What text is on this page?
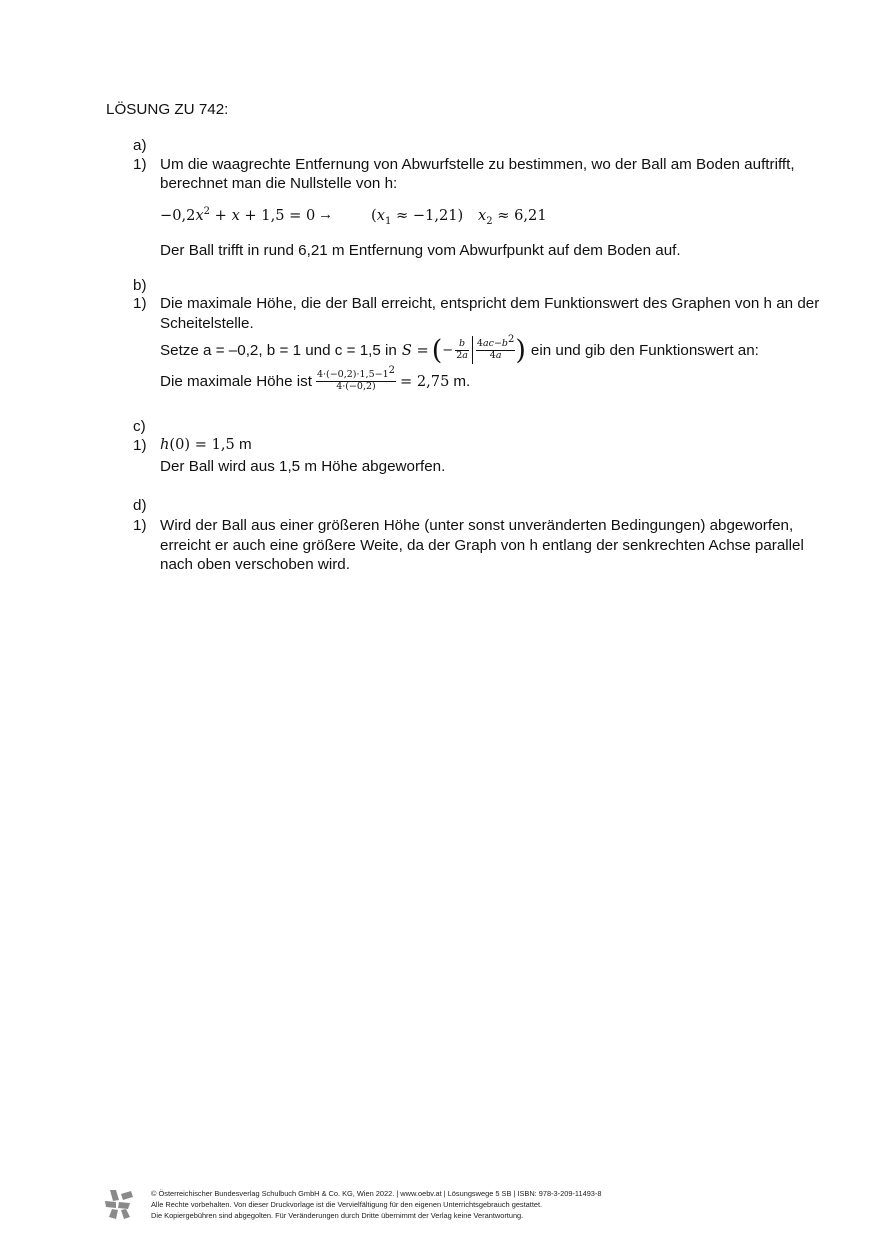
LÖSUNG ZU 742:
a)
1) Um die waagrechte Entfernung von Abwurfstelle zu bestimmen, wo der Ball am Boden auftrifft,
berechnet man die Nullstelle von h:
$-0,2x^2 + x + 1,5 = 0$ →	$(x_1 \approx -1,21) x_2 \approx 6,21$
Der Ball trifft in rund 6,21 m Entfernung vom Abwurfpunkt auf dem Boden auf.
b)
1) Die maximale Höhe, die der Ball erreicht, entspricht dem Funktionswert des Graphen von h an der
Scheitelstelle.
Setze a = –0,2, b = 1 und c = 1,5 in S = ( − $\frac{b}{2a} \frac{4ac-b^2}{4a}$ ) ein und gib den Funktionswert an:
Die maximale Höhe ist $\frac{4\cdot(-0,2)\cdot 1,5-1^2}{4\cdot(-0,2)} = 2,75$ m.
c)
1) h(0) = 1,5 m
Der Ball wird aus 1,5 m Höhe abgeworfen.
d)
1) Wird der Ball aus einer größeren Höhe (unter sonst unveränderten Bedingungen) abgeworfen,
erreicht er auch eine größere Weite, da der Graph von h entlang der senkrechten Achse parallel
nach oben verschoben wird.
© Österreichischer Bundesverlag Schulbuch GmbH & Co. KG, Wien 2022. | www.oebv.at | Lösungswege 5 SB | ISBN: 978-3-209-11493-8
Alle Rechte vorbehalten. Von dieser Druckvorlage ist die Vervielfältigung für den eigenen Unterrichtsgebrauch gestattet.
Die Kopiergebühren sind abgegolten. Für Veränderungen durch Dritte übernimmt der Verlag keine Verantwortung.
